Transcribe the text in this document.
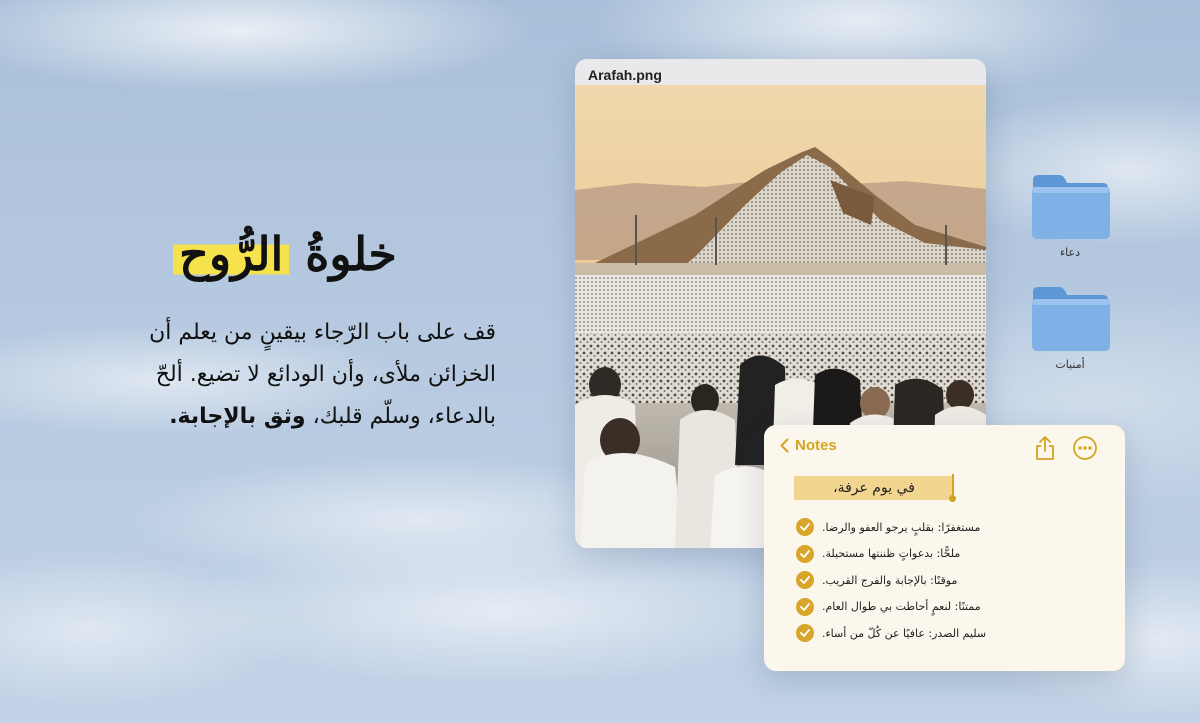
خلوةُ الرُّوح
قف على باب الرّجاء بيقينٍ من يعلم أن
الخزائن ملأى، وأن الودائع لا تضيع. ألحّ
بالدعاء، وسلّم قلبك، وثق بالإجابة.
Arafah.png
دعاء
أمنيات
Notes
في يوم عرفة،
مستغفرًا: بقلبٍ يرجو العفو والرضا.
ملحًّا: بدعواتٍ ظننتها مستحيلة.
موقنًا: بالإجابة والفرج القريب.
ممتنًا: لنعمٍ أحاطت بي طوال العام.
سليم الصدر: عافيًا عن كُلّ من أساء.
